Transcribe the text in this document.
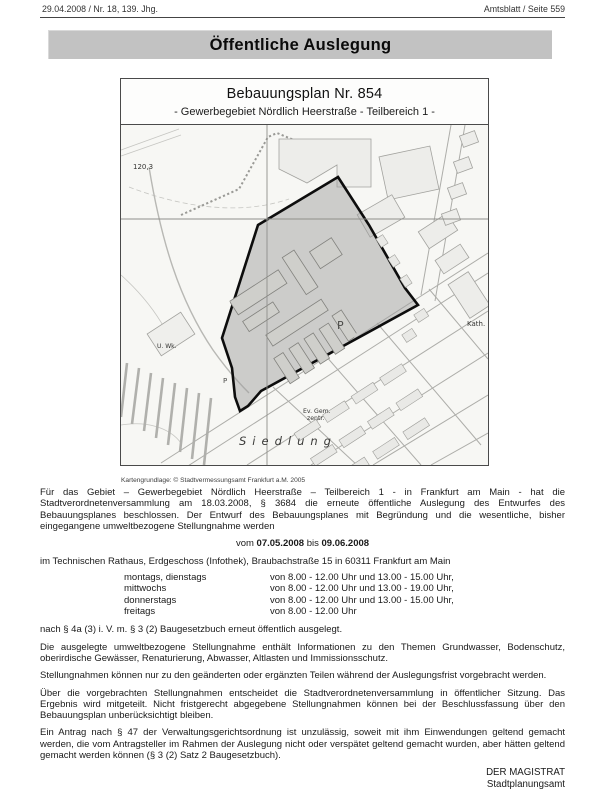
29.04.2008 / Nr. 18, 139. Jhg.	Amtsblatt / Seite 559
Öffentliche Auslegung
Bebauungsplan Nr. 854
- Gewerbegebiet Nördlich Heerstraße - Teilbereich 1 -
120,3
U. Wk.
P
P
Ev. Gem.
zentr.
Siedlung
Kath.
Kartengrundlage: © Stadtvermessungsamt Frankfurt a.M. 2005

Für das Gebiet – Gewerbegebiet Nördlich Heerstraße – Teilbereich 1 - in Frankfurt am Main - hat die Stadtverordnetenversammlung am 18.03.2008, § 3684 die erneute öffentliche Auslegung des Entwurfes des Bebauungsplanes beschlossen. Der Entwurf des Bebauungsplanes mit Begründung und die wesentliche, bisher eingegangene umweltbezogene Stellungnahme werden

vom 07.05.2008 bis 09.06.2008
im Technischen Rathaus, Erdgeschoss (Infothek), Braubachstraße 15 in 60311 Frankfurt am Main
montags, dienstags	von 8.00 - 12.00 Uhr und 13.00 - 15.00 Uhr,
mittwochs	von 8.00 - 12.00 Uhr und 13.00 - 19.00 Uhr,
donnerstags	von 8.00 - 12.00 Uhr und 13.00 - 15.00 Uhr,
freitags	von 8.00 - 12.00 Uhr

nach § 4a (3) i. V. m. § 3 (2) Baugesetzbuch erneut öffentlich ausgelegt.

Die ausgelegte umweltbezogene Stellungnahme enthält Informationen zu den Themen Grundwasser, Bodenschutz, oberirdische Gewässer, Renaturierung, Abwasser, Altlasten und Immissionsschutz.

Stellungnahmen können nur zu den geänderten oder ergänzten Teilen während der Auslegungsfrist vorgebracht werden.

Über die vorgebrachten Stellungnahmen entscheidet die Stadtverordnetenversammlung in öffentlicher Sitzung. Das Ergebnis wird mitgeteilt. Nicht fristgerecht abgegebene Stellungnahmen können bei der Beschlussfassung über den Bebauungsplan unberücksichtigt bleiben.

Ein Antrag nach § 47 der Verwaltungsgerichtsordnung ist unzulässig, soweit mit ihm Einwendungen geltend gemacht werden, die vom Antragsteller im Rahmen der Auslegung nicht oder verspätet geltend gemacht wurden, aber hätten geltend gemacht werden können (§ 3 (2) Satz 2 Baugesetzbuch).

DER MAGISTRAT
Stadtplanungsamt
